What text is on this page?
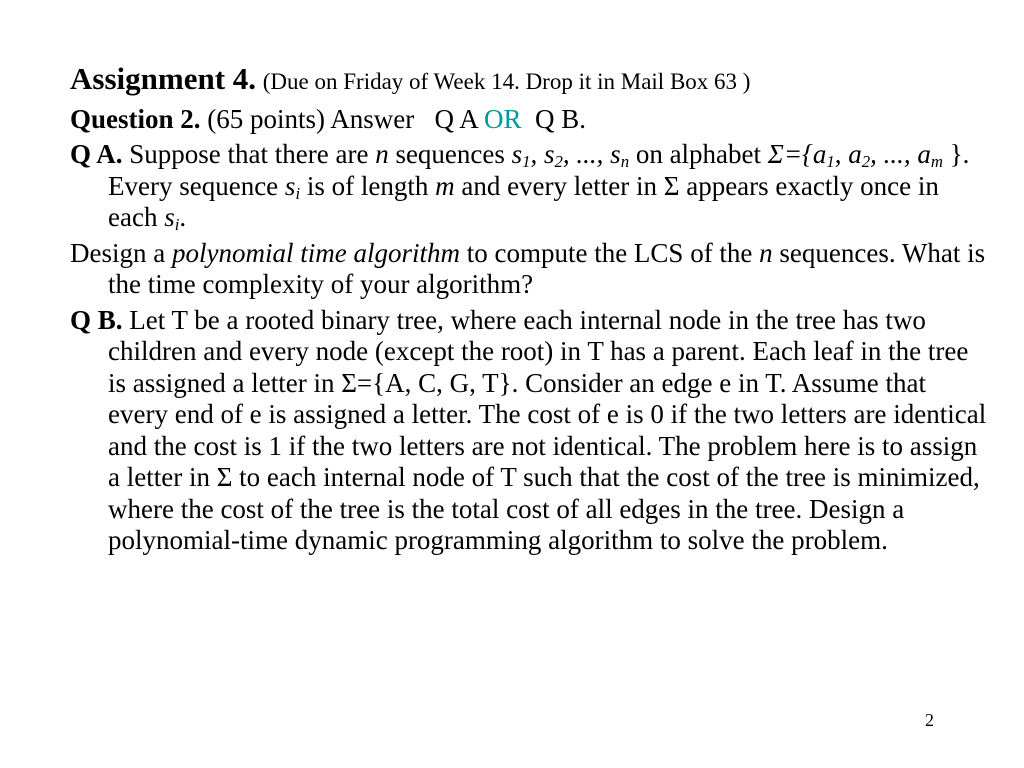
Assignment 4. (Due on Friday of Week 14. Drop it in Mail Box 63 )

Question 2. (65 points) Answer   Q A OR  Q B.

Q A. Suppose that there are n sequences $s_1$, $s_2$, ..., $s_n$ on alphabet $\Sigma=\{a_1$, $a_2$, ..., $a_m$ }. Every sequence $s_i$ is of length m and every letter in Σ appears exactly once in each $s_i$.

Design a polynomial time algorithm to compute the LCS of the n sequences. What is the time complexity of your algorithm?

Q B. Let T be a rooted binary tree, where each internal node in the tree has two children and every node (except the root) in T has a parent. Each leaf in the tree is assigned a letter in Σ={A, C, G, T}. Consider an edge e in T. Assume that every end of e is assigned a letter. The cost of e is 0 if the two letters are identical and the cost is 1 if the two letters are not identical. The problem here is to assign a letter in Σ to each internal node of T such that the cost of the tree is minimized, where the cost of the tree is the total cost of all edges in the tree. Design a polynomial-time dynamic programming algorithm to solve the problem.

2
